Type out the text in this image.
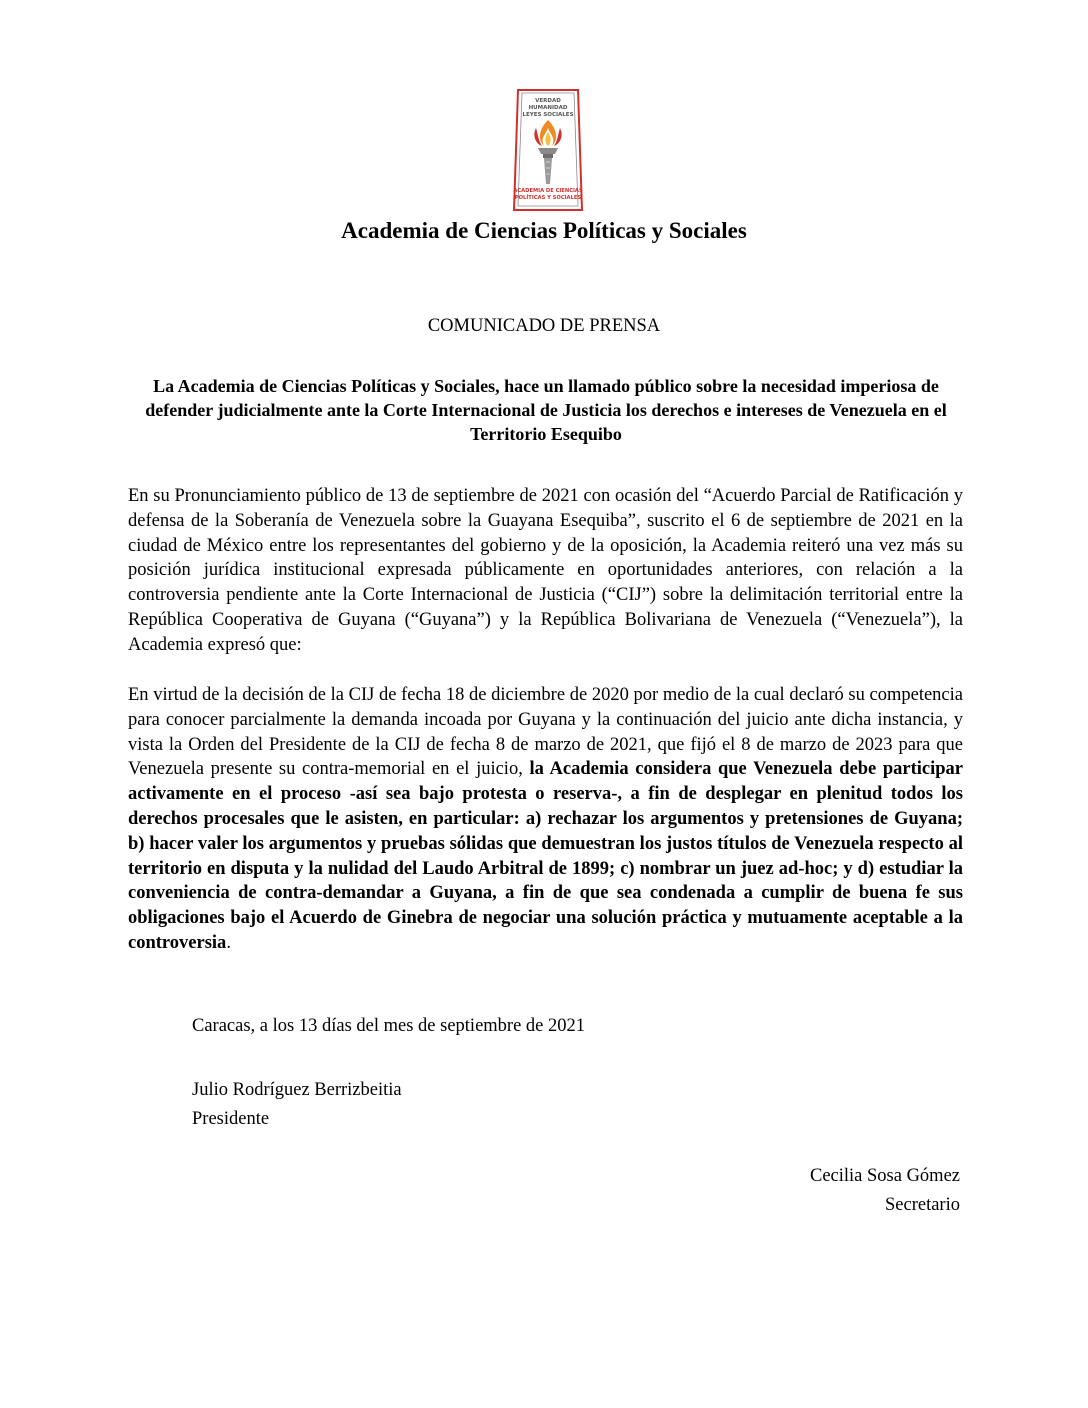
VERDAD
HUMANIDAD
LEYES SOCIALES
ACADEMIA DE CIENCIAS
POLÍTICAS Y SOCIALES
Academia de Ciencias Políticas y Sociales
COMUNICADO DE PRENSA
La Academia de Ciencias Políticas y Sociales, hace un llamado público sobre la necesidad imperiosa de defender judicialmente ante la Corte Internacional de Justicia los derechos e intereses de Venezuela en el Territorio Esequibo
En su Pronunciamiento público de 13 de septiembre de 2021 con ocasión del “Acuerdo Parcial de Ratificación y defensa de la Soberanía de Venezuela sobre la Guayana Esequiba”, suscrito el 6 de septiembre de 2021 en la ciudad de México entre los representantes del gobierno y de la oposición, la Academia reiteró una vez más su posición jurídica institucional expresada públicamente en oportunidades anteriores, con relación a la controversia pendiente ante la Corte Internacional de Justicia (“CIJ”) sobre la delimitación territorial entre la República Cooperativa de Guyana (“Guyana”) y la República Bolivariana de Venezuela (“Venezuela”), la Academia expresó que:
En virtud de la decisión de la CIJ de fecha 18 de diciembre de 2020 por medio de la cual declaró su competencia para conocer parcialmente la demanda incoada por Guyana y la continuación del juicio ante dicha instancia, y vista la Orden del Presidente de la CIJ de fecha 8 de marzo de 2021, que fijó el 8 de marzo de 2023 para que Venezuela presente su contra-memorial en el juicio, la Academia considera que Venezuela debe participar activamente en el proceso -así sea bajo protesta o reserva-, a fin de desplegar en plenitud todos los derechos procesales que le asisten, en particular: a) rechazar los argumentos y pretensiones de Guyana; b) hacer valer los argumentos y pruebas sólidas que demuestran los justos títulos de Venezuela respecto al territorio en disputa y la nulidad del Laudo Arbitral de 1899; c) nombrar un juez ad-hoc; y d) estudiar la conveniencia de contra-demandar a Guyana, a fin de que sea condenada a cumplir de buena fe sus obligaciones bajo el Acuerdo de Ginebra de negociar una solución práctica y mutuamente aceptable a la controversia.
Caracas, a los 13 días del mes de septiembre de 2021
Julio Rodríguez Berrizbeitia
Presidente
Cecilia Sosa Gómez
Secretario
